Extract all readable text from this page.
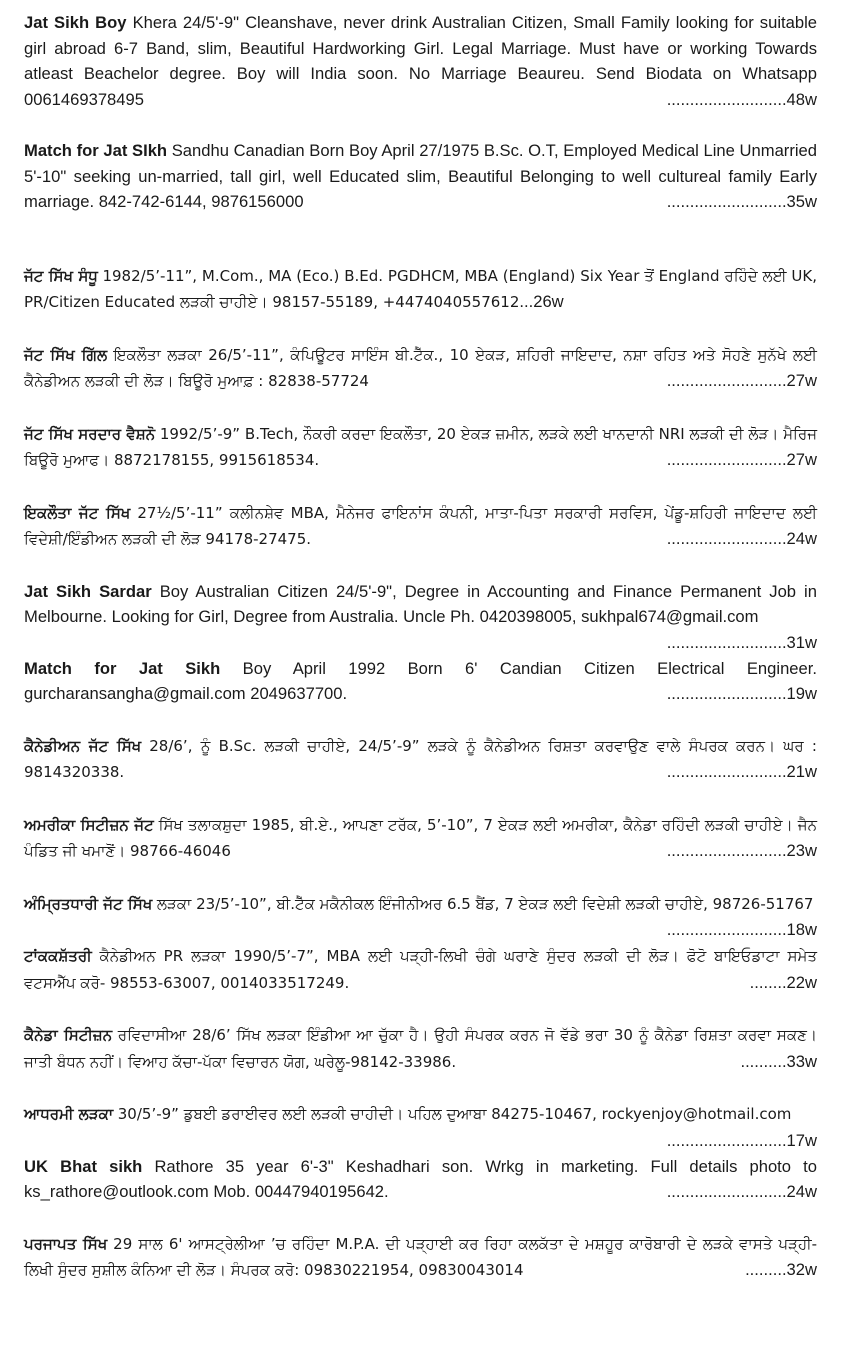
Jat Sikh Boy Khera 24/5'-9" Cleanshave, never drink Australian Citizen, Small Family looking for suitable girl abroad 6-7 Band, slim, Beautiful Hardworking Girl. Legal Marriage. Must have or working Towards atleast Beachelor degree. Boy will India soon. No Marriage Beaureu. Send Biodata on Whatsapp 0061469378495	..........................48w
Match for Jat SIkh Sandhu Canadian Born Boy April 27/1975 B.Sc. O.T, Employed Medical Line Unmarried 5'-10" seeking un-married, tall girl, well Educated slim, Beautiful Belonging to well cultureal family Early marriage. 842-742-6144, 9876156000	..........................35w
ਜੱਟ ਸਿੱਖ ਸੰਧੂ 1982/5’-11”, M.Com., MA (Eco.) B.Ed. PGDHCM, MBA (England) Six Year ਤੋਂ England ਰਹਿੰਦੇ ਲਈ UK, PR/Citizen Educated ਲੜਕੀ ਚਾਹੀਏ। 98157-55189, +4474040557612...26w
ਜੱਟ ਸਿੱਖ ਗਿੱਲ ਇਕਲੌਤਾ ਲੜਕਾ 26/5’-11”, ਕੰਪਿਊਟਰ ਸਾਇੰਸ ਬੀ.ਟੈੱਕ., 10 ਏਕੜ, ਸ਼ਹਿਰੀ ਜਾਇਦਾਦ, ਨਸ਼ਾ ਰਹਿਤ ਅਤੇ ਸੋਹਣੇ ਸੁਨੱਖੇ ਲਈ ਕੈਨੇਡੀਅਨ ਲੜਕੀ ਦੀ ਲੋੜ। ਬਿਊਰੋ ਮੁਆਫ਼ : 82838-57724	..........................27w
ਜੱਟ ਸਿੱਖ ਸਰਦਾਰ ਵੈਸ਼ਨੋ 1992/5’-9” B.Tech, ਨੌਕਰੀ ਕਰਦਾ ਇਕਲੌਤਾ, 20 ਏਕੜ ਜ਼ਮੀਨ, ਲੜਕੇ ਲਈ ਖਾਨਦਾਨੀ NRI ਲੜਕੀ ਦੀ ਲੋੜ। ਮੈਰਿਜ ਬਿਊਰੋ ਮੁਆਫ। 8872178155, 9915618534.	..........................27w
ਇਕਲੌਤਾ ਜੱਟ ਸਿੱਖ 27½/5’-11” ਕਲੀਨਸ਼ੇਵ MBA, ਮੈਨੇਜਰ ਫਾਇਨਾਂਸ ਕੰਪਨੀ, ਮਾਤਾ-ਪਿਤਾ ਸਰਕਾਰੀ ਸਰਵਿਸ, ਪੇਂਡੂ-ਸ਼ਹਿਰੀ ਜਾਇਦਾਦ ਲਈ ਵਿਦੇਸ਼ੀ/ਇੰਡੀਅਨ ਲੜਕੀ ਦੀ ਲੋੜ 94178-27475.	..........................24w
Jat Sikh Sardar Boy Australian Citizen 24/5'-9", Degree in Accounting and Finance Permanent Job in Melbourne. Looking for Girl, Degree from Australia. Uncle Ph. 0420398005, sukhpal674@gmail.com
..........................31w
Match for Jat Sikh Boy April 1992 Born 6' Candian Citizen Electrical Engineer. gurcharansangha@gmail.com 2049637700.	..........................19w
ਕੈਨੇਡੀਅਨ ਜੱਟ ਸਿੱਖ 28/6’, ਨੂੰ B.Sc. ਲੜਕੀ ਚਾਹੀਏ, 24/5’-9” ਲੜਕੇ ਨੂੰ ਕੈਨੇਡੀਅਨ ਰਿਸ਼ਤਾ ਕਰਵਾਉਣ ਵਾਲੇ ਸੰਪਰਕ ਕਰਨ। ਘਰ : 9814320338.	..........................21w
ਅਮਰੀਕਾ ਸਿਟੀਜ਼ਨ ਜੱਟ ਸਿੱਖ ਤਲਾਕਸ਼ੁਦਾ 1985, ਬੀ.ਏ., ਆਪਣਾ ਟਰੱਕ, 5’-10”, 7 ਏਕੜ ਲਈ ਅਮਰੀਕਾ, ਕੈਨੇਡਾ ਰਹਿੰਦੀ ਲੜਕੀ ਚਾਹੀਏ। ਜੈਨ ਪੰਡਿਤ ਜੀ ਖਮਾਣੋਂ। 98766-46046	..........................23w
ਅੰਮ੍ਰਿਤਧਾਰੀ ਜੱਟ ਸਿੱਖ ਲੜਕਾ 23/5’-10”, ਬੀ.ਟੈੱਕ ਮਕੈਨੀਕਲ ਇੰਜੀਨੀਅਰ 6.5 ਬੈਂਡ, 7 ਏਕੜ ਲਈ ਵਿਦੇਸ਼ੀ ਲੜਕੀ ਚਾਹੀਏ, 98726-51767
..........................18w
ਟਾਂਕਕਸ਼ੱਤਰੀ ਕੈਨੇਡੀਅਨ PR ਲੜਕਾ 1990/5’-7”, MBA ਲਈ ਪੜ੍ਹੀ-ਲਿਖੀ ਚੰਗੇ ਘਰਾਣੇ ਸੁੰਦਰ ਲੜਕੀ ਦੀ ਲੋੜ। ਫੋਟੋ ਬਾਇਓਡਾਟਾ ਸਮੇਤ ਵਟਸਐੱਪ ਕਰੋ- 98553-63007, 0014033517249.	........22w
ਕੈਨੇਡਾ ਸਿਟੀਜ਼ਨ ਰਵਿਦਾਸੀਆ 28/6’ ਸਿੱਖ ਲੜਕਾ ਇੰਡੀਆ ਆ ਚੁੱਕਾ ਹੈ। ਉਹੀ ਸੰਪਰਕ ਕਰਨ ਜੋ ਵੱਡੇ ਭਰਾ 30 ਨੂੰ ਕੈਨੇਡਾ ਰਿਸ਼ਤਾ ਕਰਵਾ ਸਕਣ। ਜਾਤੀ ਬੰਧਨ ਨਹੀਂ। ਵਿਆਹ ਕੱਚਾ-ਪੱਕਾ ਵਿਚਾਰਨ ਯੋਗ, ਘਰੇਲੂ-98142-33986.	..........33w
ਆਧਰਮੀ ਲੜਕਾ 30/5’-9” ਡੁਬਈ ਡਰਾਈਵਰ ਲਈ ਲੜਕੀ ਚਾਹੀਦੀ। ਪਹਿਲ ਦੁਆਬਾ 84275-10467, rockyenjoy@hotmail.com
..........................17w
UK Bhat sikh Rathore 35 year 6'-3" Keshadhari son. Wrkg in marketing. Full details photo to ks_rathore@outlook.com Mob. 00447940195642.	..........................24w
ਪਰਜਾਪਤ ਸਿੱਖ 29 ਸਾਲ 6' ਆਸਟ੍ਰੇਲੀਆ ’ਚ ਰਹਿੰਦਾ M.P.A. ਦੀ ਪੜ੍ਹਾਈ ਕਰ ਰਿਹਾ ਕਲਕੱਤਾ ਦੇ ਮਸ਼ਹੂਰ ਕਾਰੋਬਾਰੀ ਦੇ ਲੜਕੇ ਵਾਸਤੇ ਪੜ੍ਹੀ-ਲਿਖੀ ਸੁੰਦਰ ਸੁਸ਼ੀਲ ਕੰਨਿਆ ਦੀ ਲੋੜ। ਸੰਪਰਕ ਕਰੋ: 09830221954, 09830043014	.........32w
